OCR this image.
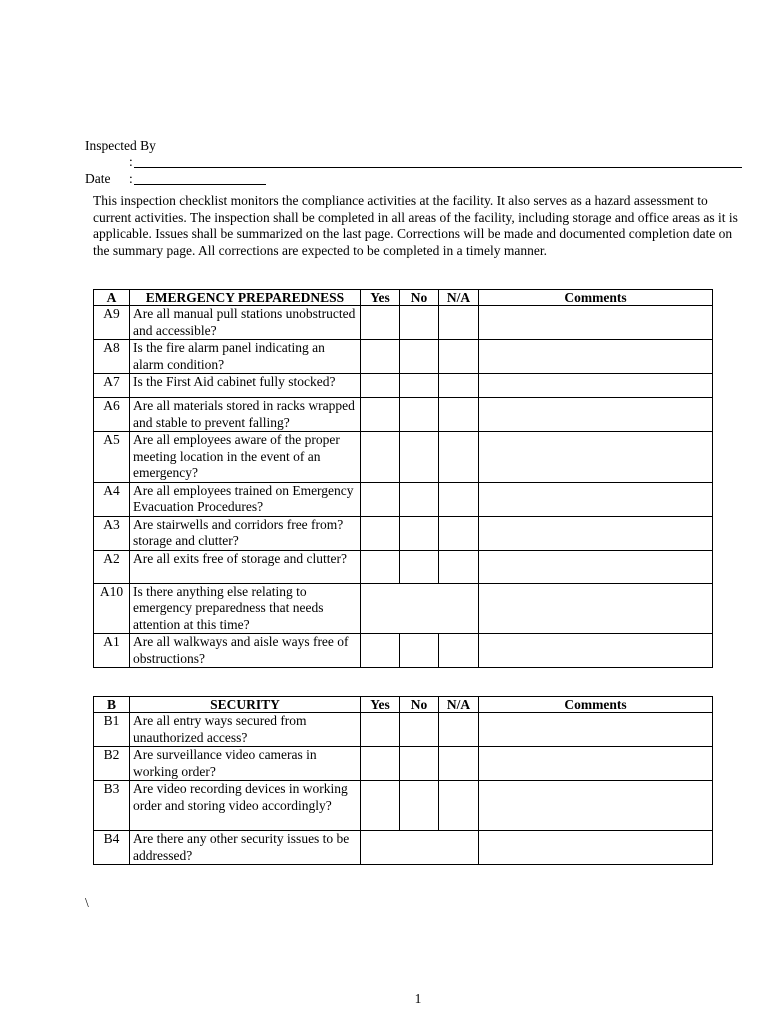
Inspected By
:
Date :
This inspection checklist monitors the compliance activities at the facility. It also serves as a hazard assessment to current activities. The inspection shall be completed in all areas of the facility, including storage and office areas as it is applicable. Issues shall be summarized on the last page. Corrections will be made and documented completion date on the summary page. All corrections are expected to be completed in a timely manner.
A	EMERGENCY PREPAREDNESS	Yes	No	N/A	Comments
A9	Are all manual pull stations unobstructed and accessible?				
A8	Is the fire alarm panel indicating an alarm condition?				
A7	Is the First Aid cabinet fully stocked?				
A6	Are all materials stored in racks wrapped and stable to prevent falling?				
A5	Are all employees aware of the proper meeting location in the event of an emergency?				
A4	Are all employees trained on Emergency Evacuation Procedures?				
A3	Are stairwells and corridors free from? storage and clutter?				
A2	Are all exits free of storage and clutter?				
A10	Is there anything else relating to emergency preparedness that needs attention at this time?				
A1	Are all walkways and aisle ways free of obstructions?				
B	SECURITY	Yes	No	N/A	Comments
B1	Are all entry ways secured from unauthorized access?				
B2	Are surveillance video cameras in working order?				
B3	Are video recording devices in working order and storing video accordingly?				
B4	Are there any other security issues to be addressed?				
\
1
